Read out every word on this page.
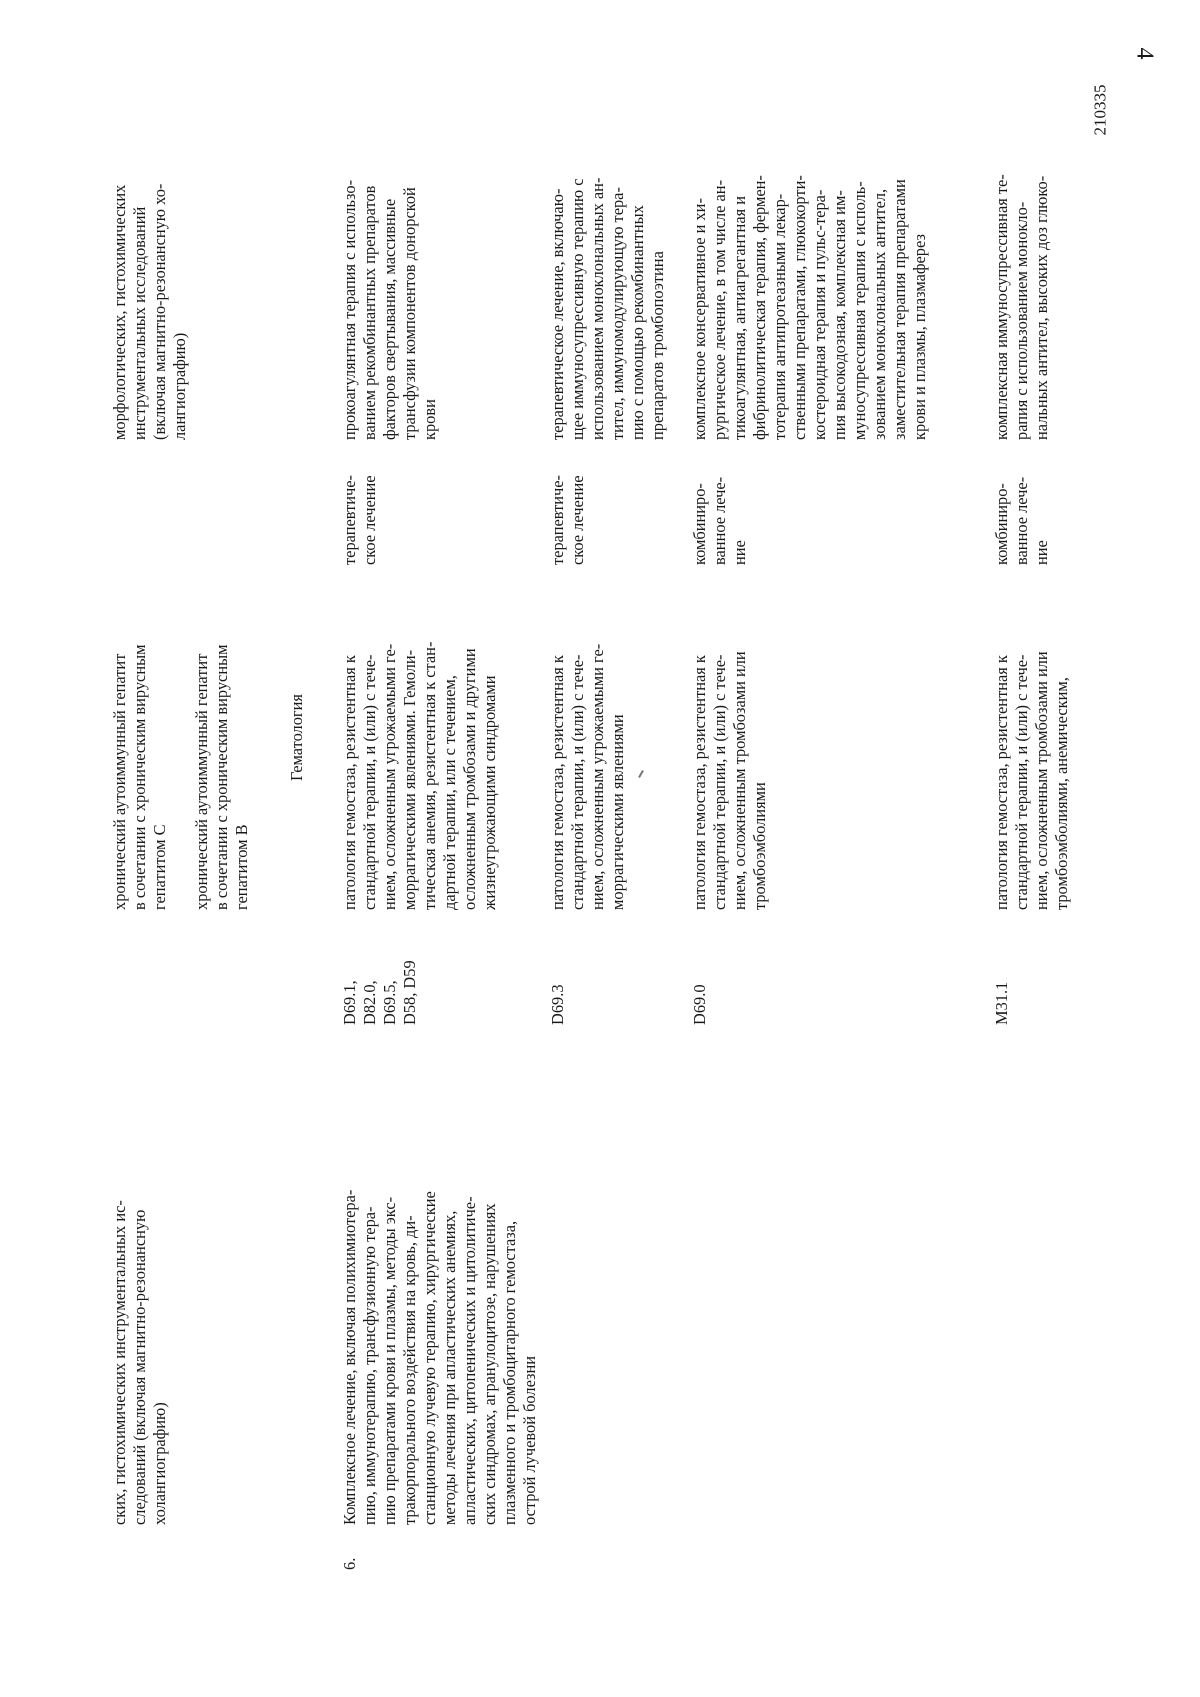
4
210335
ских, гистохимических инструментальных ис-
следований (включая магнитно-резонансную
холангиографию)
хронический аутоиммунный гепатит
в сочетании с хроническим вирусным
гепатитом С
морфологических, гистохимических
инструментальных исследований
(включая магнитно-резонансную хо-
лангиографию)
хронический аутоиммунный гепатит
в сочетании с хроническим вирусным
гепатитом В
Гематология
6.
Комплексное лечение, включая полихимиотера-
пию, иммунотерапию, трансфузионную тера-
пию препаратами крови и плазмы, методы экс-
тракорпорального воздействия на кровь, ди-
станционную лучевую терапию, хирургические
методы лечения при апластических анемиях,
апластических, цитопенических и цитолитиче-
ских синдромах, агранулоцитозе, нарушениях
плазменного и тромбоцитарного гемостаза,
острой лучевой болезни
D69.1,
D82.0,
D69.5,
D58, D59
патология гемостаза, резистентная к
стандартной терапии, и (или) с тече-
нием, осложненным угрожаемыми ге-
моррагическими явлениями. Гемоли-
тическая анемия, резистентная к стан-
дартной терапии, или с течением,
осложненным тромбозами и другими
жизнеугрожающими синдромами
терапевтиче-
ское лечение
прокоагулянтная терапия с использо-
ванием рекомбинантных препаратов
факторов свертывания, массивные
трансфузии компонентов донорской
крови
D69.3
патология гемостаза, резистентная к
стандартной терапии, и (или) с тече-
нием, осложненным угрожаемыми ге-
моррагическими явлениями
терапевтиче-
ское лечение
терапевтическое лечение, включаю-
щее иммуносупрессивную терапию с
использованием моноклональных ан-
тител, иммуномодулирующую тера-
пию с помощью рекомбинантных
препаратов тромбопоэтина
D69.0
патология гемостаза, резистентная к
стандартной терапии, и (или) с тече-
нием, осложненным тромбозами или
тромбоэмболиями
комбиниро-
ванное лече-
ние
комплексное консервативное и хи-
рургическое лечение, в том числе ан-
тикоагулянтная, антиагрегантная и
фибринолитическая терапия, фермен-
тотерапия антипротеазными лекар-
ственными препаратами, глюкокорти-
костероидная терапия и пульс-тера-
пия высокодозная, комплексная им-
муносупрессивная терапия с исполь-
зованием моноклональных антител,
заместительная терапия препаратами
крови и плазмы, плазмаферез
M31.1
патология гемостаза, резистентная к
стандартной терапии, и (или) с тече-
нием, осложненным тромбозами или
тромбоэмболиями, анемическим,
комбиниро-
ванное лече-
ние
комплексная иммуносупрессивная те-
рапия с использованием моноклo-
нальных антител, высоких доз глюко-
